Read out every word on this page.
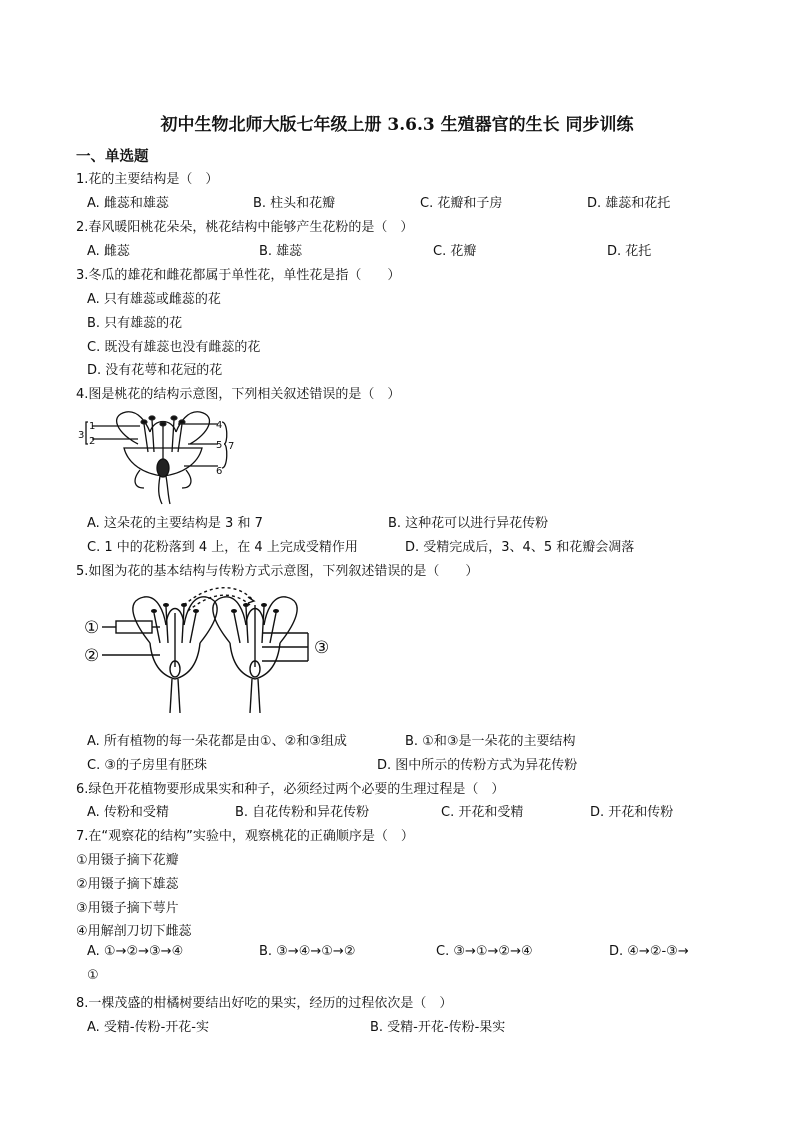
初中生物北师大版七年级上册 3.6.3 生殖器官的生长 同步训练
一、单选题
1.花的主要结构是（　）
A. 雌蕊和雄蕊	B. 柱头和花瓣	C. 花瓣和子房	D. 雄蕊和花托
2.春风暖阳桃花朵朵，桃花结构中能够产生花粉的是（　）
A. 雌蕊	B. 雄蕊	C. 花瓣	D. 花托
3.冬瓜的雄花和雌花都属于单性花，单性花是指（　　）
A. 只有雄蕊或雌蕊的花
B. 只有雄蕊的花
C. 既没有雄蕊也没有雌蕊的花
D. 没有花萼和花冠的花
4.图是桃花的结构示意图，下列相关叙述错误的是（　）
3
1
2
4
5
6
7
A. 这朵花的主要结构是 3 和 7	B. 这种花可以进行异花传粉
C. 1 中的花粉落到 4 上，在 4 上完成受精作用	D. 受精完成后，3、4、5 和花瓣会凋落
5.如图为花的基本结构与传粉方式示意图，下列叙述错误的是（　　）
①
②	③
A. 所有植物的每一朵花都是由①、②和③组成	B. ①和③是一朵花的主要结构
C. ③的子房里有胚珠	D. 图中所示的传粉方式为异花传粉
6.绿色开花植物要形成果实和种子，必须经过两个必要的生理过程是（　）
A. 传粉和受精	B. 自花传粉和异花传粉	C. 开花和受精	D. 开花和传粉
7.在“观察花的结构”实验中，观察桃花的正确顺序是（　）
①用镊子摘下花瓣
②用镊子摘下雄蕊
③用镊子摘下萼片
④用解剖刀切下雌蕊
A. ①→②→③→④	B. ③→④→①→②	C. ③→①→②→④	D. ④→②-③→
①
8.一棵茂盛的柑橘树要结出好吃的果实，经历的过程依次是（　）
A. 受精-传粉-开花-实	B. 受精-开花-传粉-果实
